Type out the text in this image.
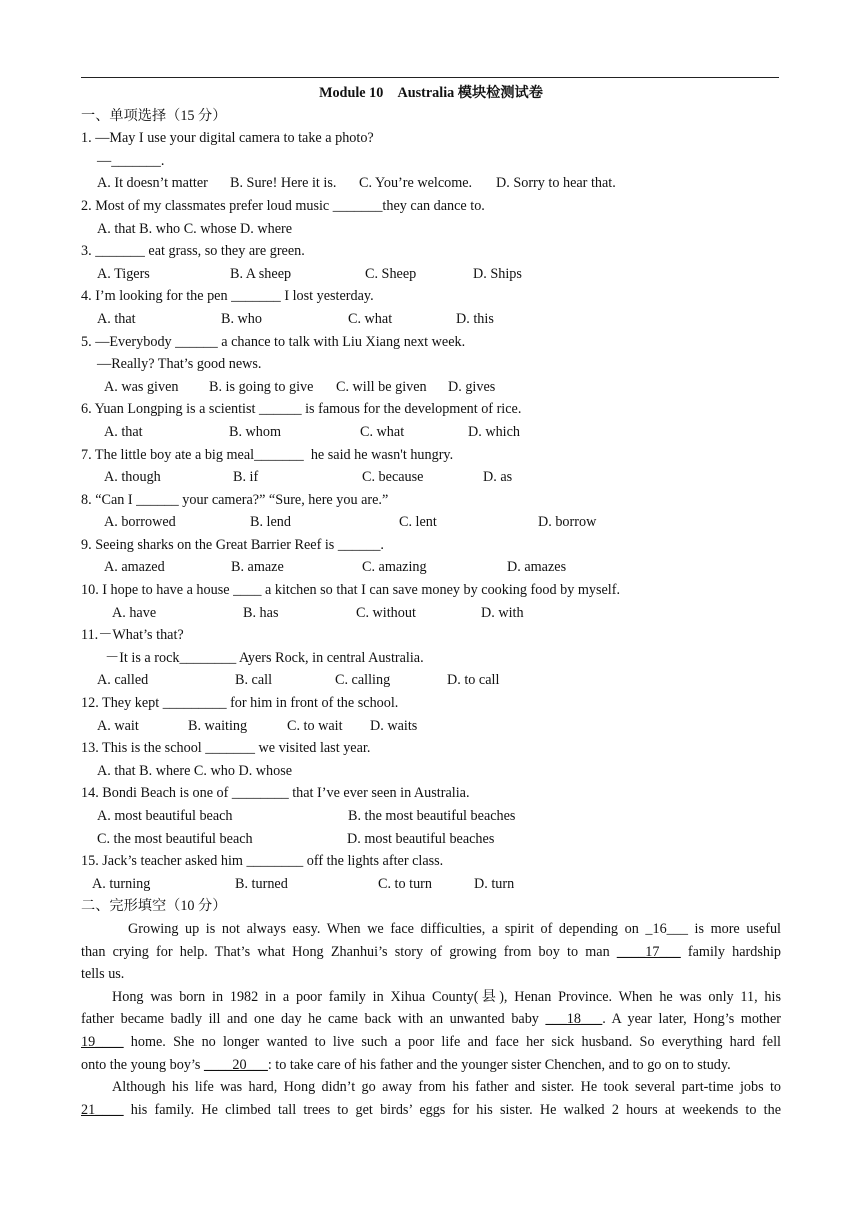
Module 10　Australia 模块检测试卷
一、单项选择（15 分）
1. —May I use your digital camera to take a photo?
—_______.

A. It doesn’t matter

B. Sure! Here it is.

C. You’re welcome.

D. Sorry to hear that.

2. Most of my classmates prefer loud music _______they can dance to.
A. that B. who C. whose D. where
3. _______ eat grass, so they are green.

A. Tigers

	B. A sheep

	C. Sheep

	D. Ships

4. I’m looking for the pen _______ I lost yesterday.

A. that

	B. who

	C. what

	D. this

5. —Everybody ______ a chance to talk with Liu Xiang next week.
—Really? That’s good news.

A. was given

B. is going to give

C. will be given

D. gives

6. Yuan Longping is a scientist ______ is famous for the development of rice.

A. that

	B. whom

	C. what

	D. which

7. The little boy ate a big meal_______  he said he wasn't hungry.

A. though

	B. if

	C. because

	D. as

8. “Can I ______ your camera?” “Sure, here you are.”

A. borrowed

	B. lend

	C. lent

	D. borrow

9. Seeing sharks on the Great Barrier Reef is ______.

A. amazed

	B. amaze

	C. amazing

	D. amazes

10. I hope to have a house ____ a kitchen so that I can save money by cooking food by myself.

A. have

	B. has

	C. without

	D. with

11.－What’s that?
－It is a rock________ Ayers Rock, in central Australia.

A. called

	B. call

	C. calling

	D. to call

12. They kept _________ for him in front of the school.

A. wait

	B. waiting

	C. to wait

D. waits

13. This is the school _______ we visited last year.
A. that B. where C. who D. whose
14. Bondi Beach is one of ________ that I’ve ever seen in Australia.

A. most beautiful beach

	B. the most beautiful beaches

C. the most beautiful beach

	D. most beautiful beaches

15. Jack’s teacher asked him ________ off the lights after class.

A. turning

	B. turned

	C. to turn

	D. turn

二、完形填空（10 分）
Growing up is not always easy. When we face difficulties, a spirit of depending on _16___ is more useful
than crying for help. That’s what Hong Zhanhui’s story of growing from boy to man ____17___ family hardship
tells us.
Hong was born in 1982 in a poor family in Xihua County(县), Henan Province. When he was only 11, his
father became badly ill and one day he came back with an unwanted baby ___18___. A year later, Hong’s mother
19____ home. She no longer wanted to live such a poor life and face her sick husband. So everything hard fell
onto the young boy’s ____20___: to take care of his father and the younger sister Chenchen, and to go on to study.
Although his life was hard, Hong didn’t go away from his father and sister. He took several part-time jobs to
21____ his family. He climbed tall trees to get birds’ eggs for his sister. He walked 2 hours at weekends to the
